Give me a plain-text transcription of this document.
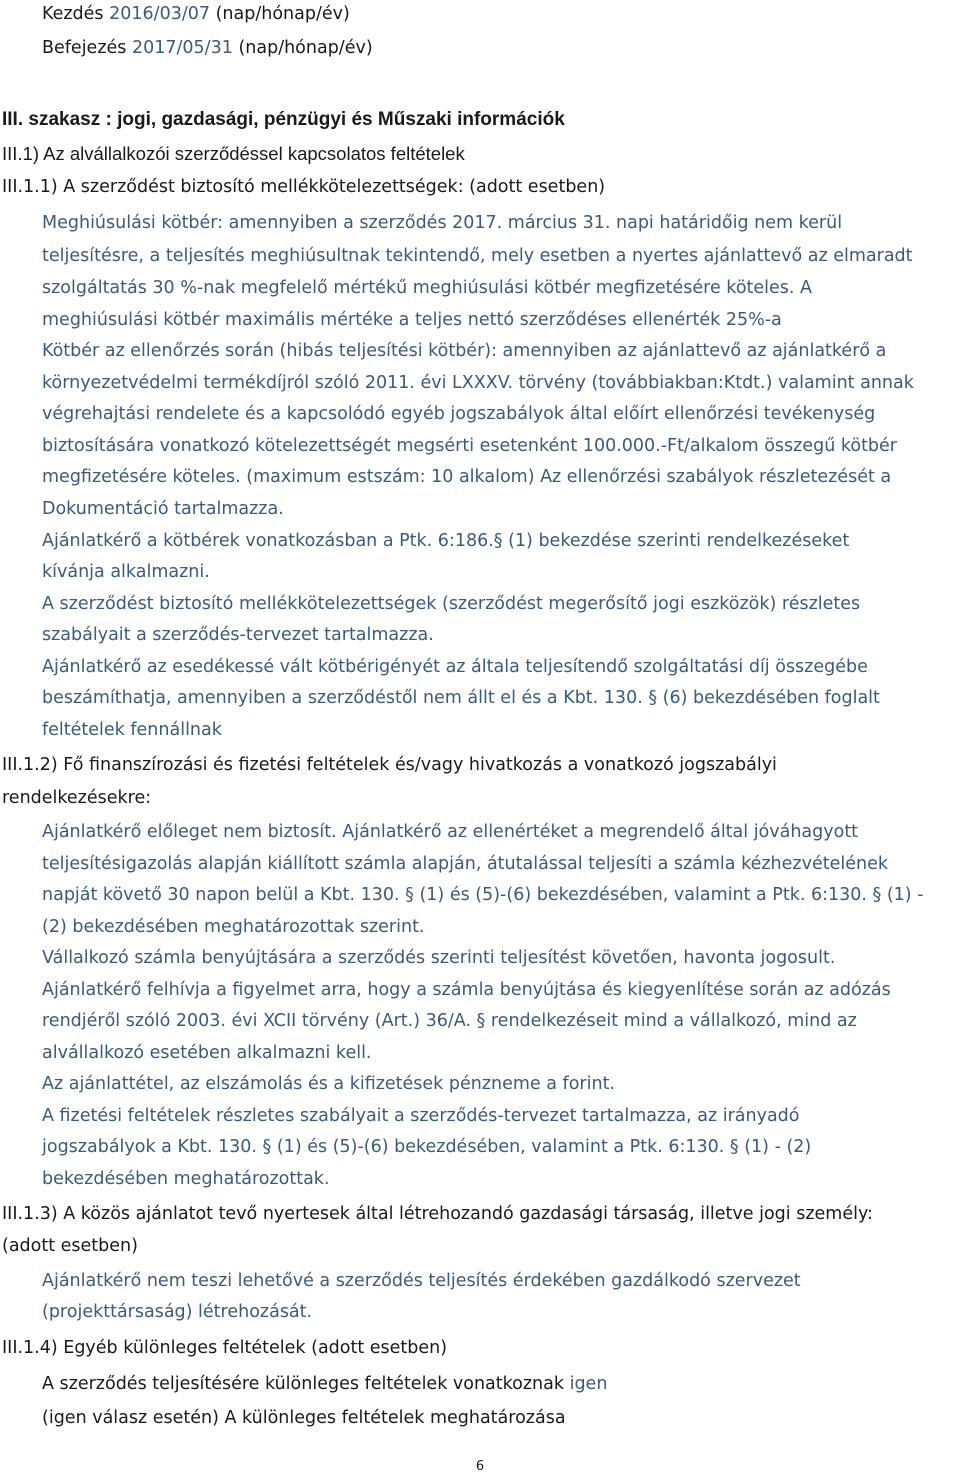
Kezdés 2016/03/07 (nap/hónap/év)
Befejezés 2017/05/31 (nap/hónap/év)
III. szakasz : jogi, gazdasági, pénzügyi és Műszaki információk
III.1) Az alvállalkozói szerződéssel kapcsolatos feltételek
III.1.1) A szerződést biztosító mellékkötelezettségek: (adott esetben)
Meghiúsulási kötbér: amennyiben a szerződés 2017. március 31. napi határidőig nem kerül
teljesítésre, a teljesítés meghiúsultnak tekintendő, mely esetben a nyertes ajánlattevő az elmaradt
szolgáltatás 30 %-nak megfelelő mértékű meghiúsulási kötbér megfizetésére köteles. A
meghiúsulási kötbér maximális mértéke a teljes nettó szerződéses ellenérték 25%-a
Kötbér az ellenőrzés során (hibás teljesítési kötbér): amennyiben az ajánlattevő az ajánlatkérő a
környezetvédelmi termékdíjról szóló 2011. évi LXXXV. törvény (továbbiakban:Ktdt.) valamint annak
végrehajtási rendelete és a kapcsolódó egyéb jogszabályok által előírt ellenőrzési tevékenység
biztosítására vonatkozó kötelezettségét megsérti esetenként 100.000.-Ft/alkalom összegű kötbér
megfizetésére köteles. (maximum estszám: 10 alkalom) Az ellenőrzési szabályok részletezését a
Dokumentáció tartalmazza.
Ajánlatkérő a kötbérek vonatkozásban a Ptk. 6:186.§ (1) bekezdése szerinti rendelkezéseket
kívánja alkalmazni.
A szerződést biztosító mellékkötelezettségek (szerződést megerősítő jogi eszközök) részletes
szabályait a szerződés-tervezet tartalmazza.
Ajánlatkérő az esedékessé vált kötbérigényét az általa teljesítendő szolgáltatási díj összegébe
beszámíthatja, amennyiben a szerződéstől nem állt el és a Kbt. 130. § (6) bekezdésében foglalt
feltételek fennállnak
III.1.2) Fő finanszírozási és fizetési feltételek és/vagy hivatkozás a vonatkozó jogszabályi
rendelkezésekre:
Ajánlatkérő előleget nem biztosít. Ajánlatkérő az ellenértéket a megrendelő által jóváhagyott
teljesítésigazolás alapján kiállított számla alapján, átutalással teljesíti a számla kézhezvételének
napját követő 30 napon belül a Kbt. 130. § (1) és (5)-(6) bekezdésében, valamint a Ptk. 6:130. § (1) -
(2) bekezdésében meghatározottak szerint.
Vállalkozó számla benyújtására a szerződés szerinti teljesítést követően, havonta jogosult.
Ajánlatkérő felhívja a figyelmet arra, hogy a számla benyújtása és kiegyenlítése során az adózás
rendjéről szóló 2003. évi XCII törvény (Art.) 36/A. § rendelkezéseit mind a vállalkozó, mind az
alvállalkozó esetében alkalmazni kell.
Az ajánlattétel, az elszámolás és a kifizetések pénzneme a forint.
A fizetési feltételek részletes szabályait a szerződés-tervezet tartalmazza, az irányadó
jogszabályok a Kbt. 130. § (1) és (5)-(6) bekezdésében, valamint a Ptk. 6:130. § (1) - (2)
bekezdésében meghatározottak.
III.1.3) A közös ajánlatot tevő nyertesek által létrehozandó gazdasági társaság, illetve jogi személy:
(adott esetben)
Ajánlatkérő nem teszi lehetővé a szerződés teljesítés érdekében gazdálkodó szervezet
(projekttársaság) létrehozását.
III.1.4) Egyéb különleges feltételek (adott esetben)
A szerződés teljesítésére különleges feltételek vonatkoznak igen
(igen válasz esetén) A különleges feltételek meghatározása
6
